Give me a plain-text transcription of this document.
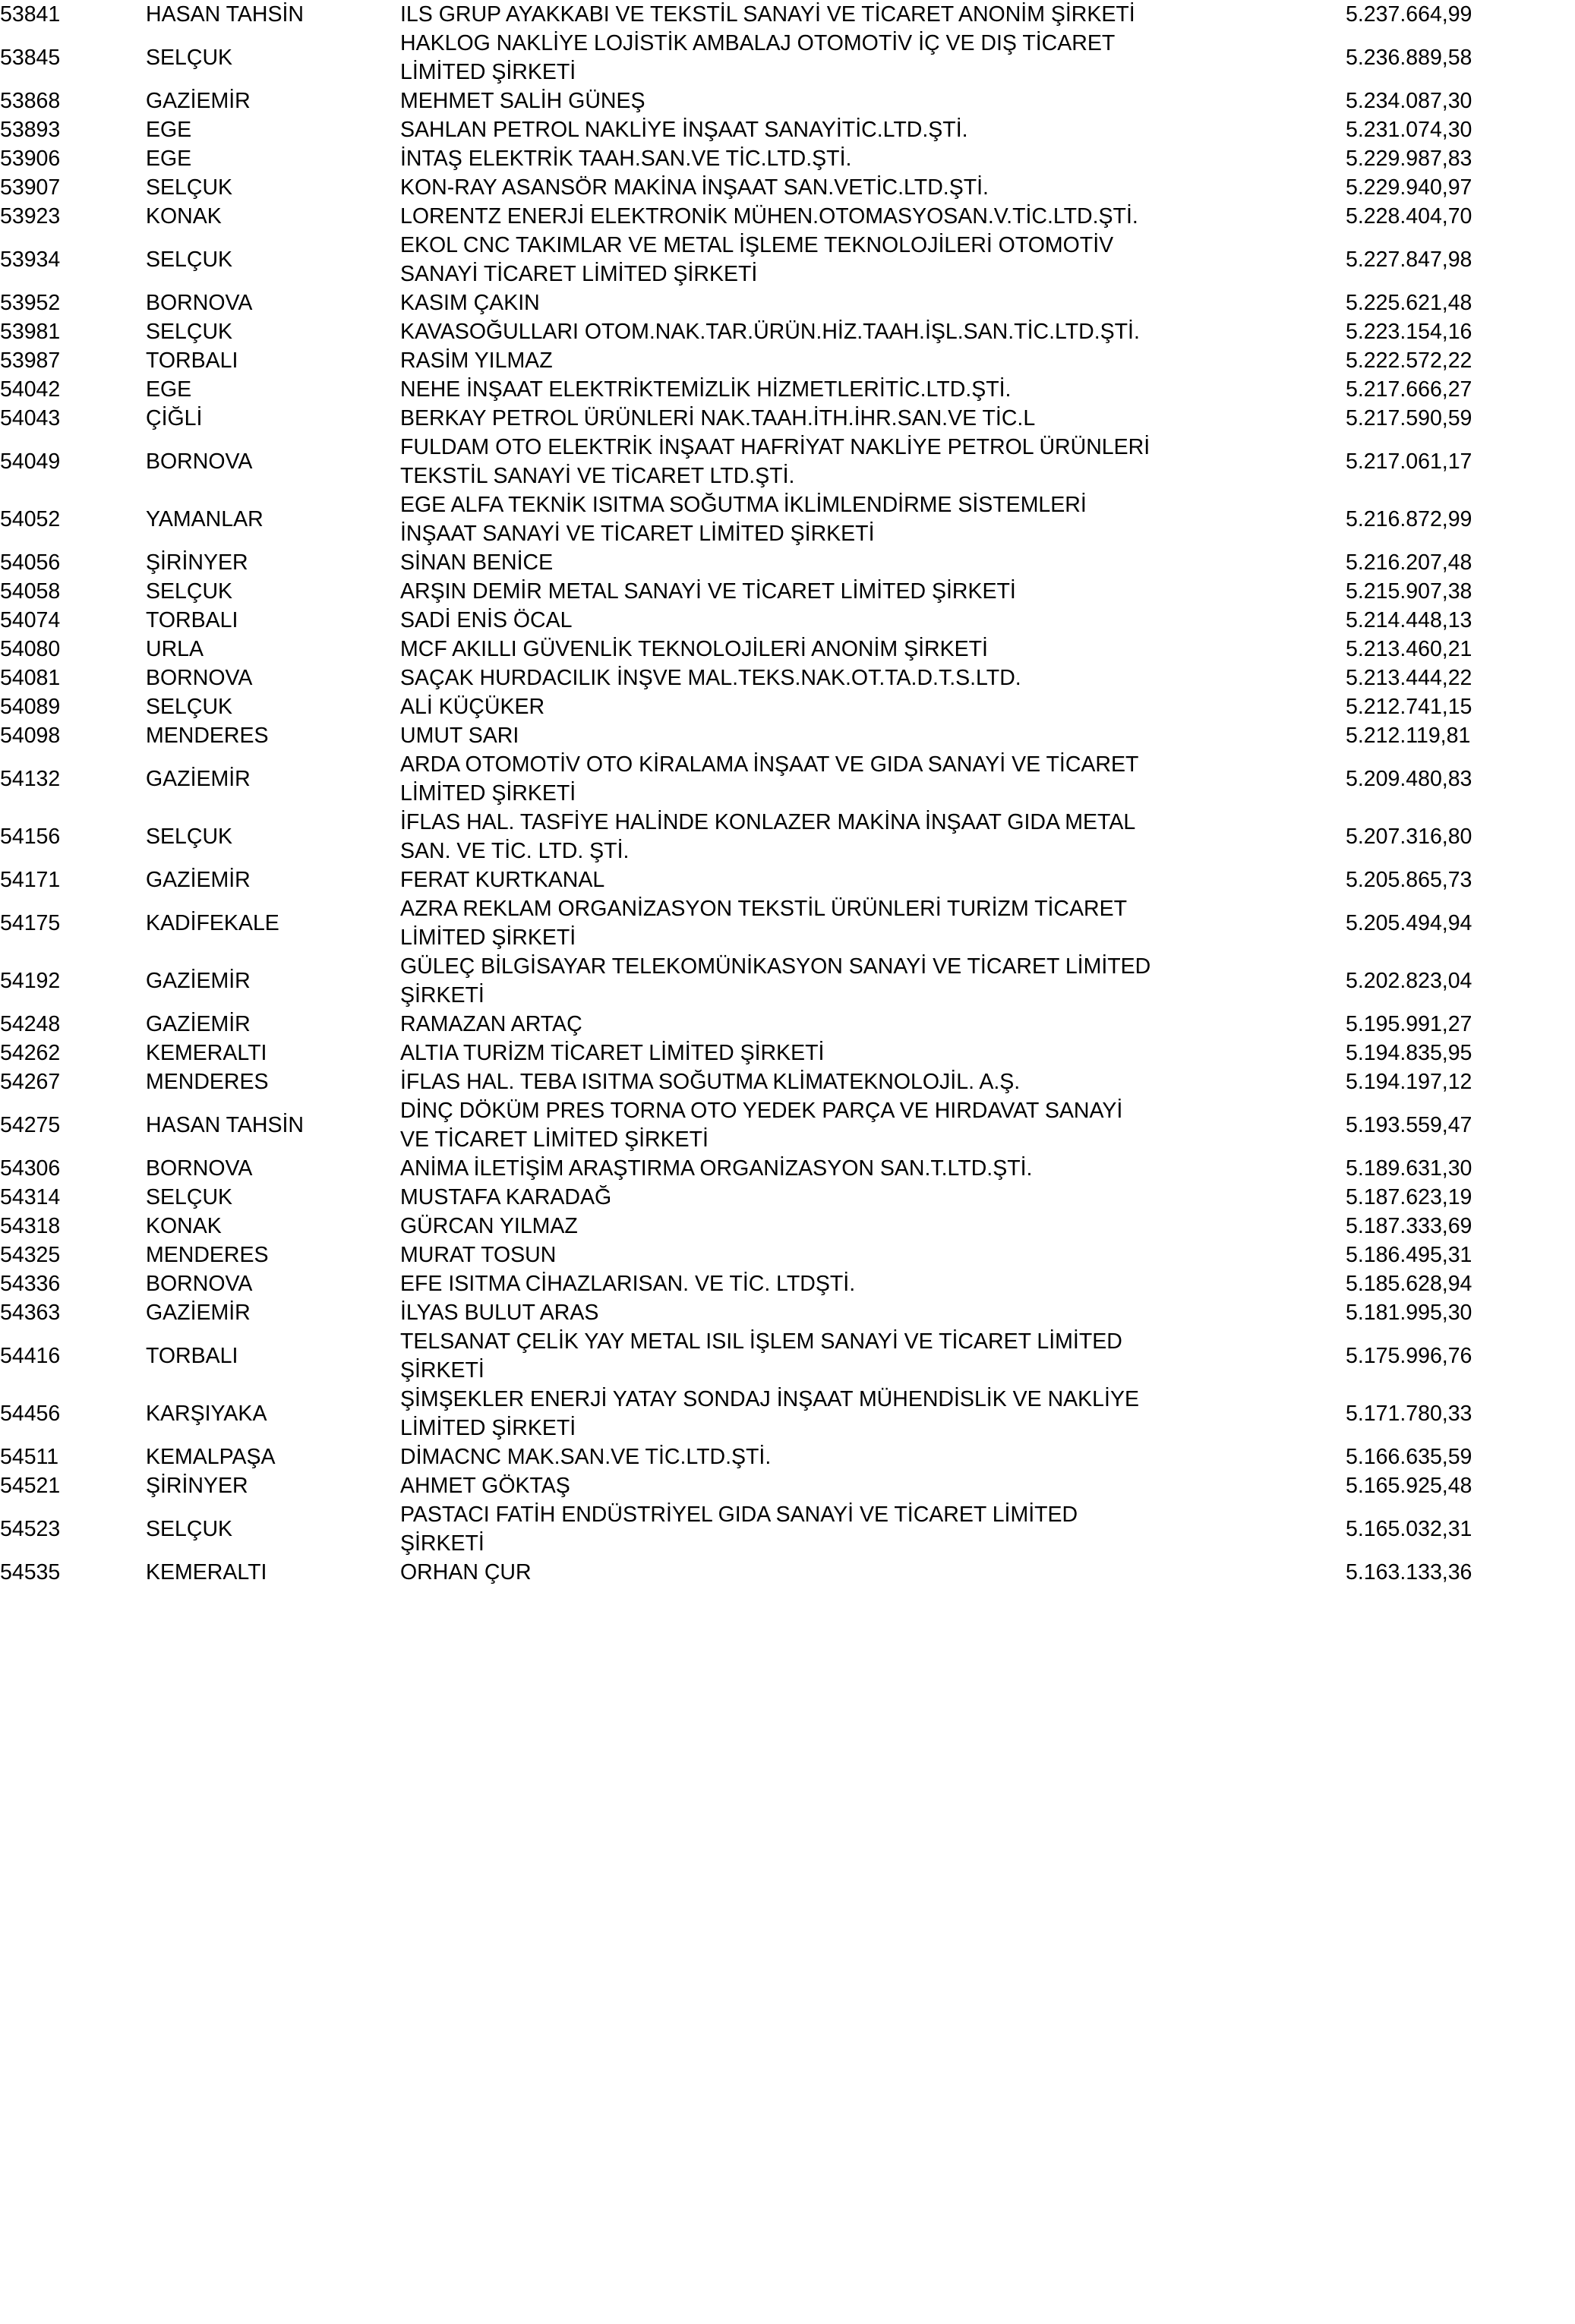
53841	HASAN TAHSİN	ILS GRUP AYAKKABI VE TEKSTİL SANAYİ VE TİCARET ANONİM ŞİRKETİ	5.237.664,99
53845	SELÇUK	HAKLOG NAKLİYE LOJİSTİK AMBALAJ OTOMOTİV İÇ VE DIŞ TİCARET
LİMİTED ŞİRKETİ	5.236.889,58
53868	GAZİEMİR	MEHMET SALİH GÜNEŞ	5.234.087,30
53893	EGE	SAHLAN PETROL NAKLİYE İNŞAAT SANAYİTİC.LTD.ŞTİ.	5.231.074,30
53906	EGE	İNTAŞ ELEKTRİK TAAH.SAN.VE TİC.LTD.ŞTİ.	5.229.987,83
53907	SELÇUK	KON-RAY ASANSÖR MAKİNA İNŞAAT SAN.VETİC.LTD.ŞTİ.	5.229.940,97
53923	KONAK	LORENTZ ENERJİ ELEKTRONİK MÜHEN.OTOMASYOSAN.V.TİC.LTD.ŞTİ.	5.228.404,70
53934	SELÇUK	EKOL CNC TAKIMLAR VE METAL İŞLEME TEKNOLOJİLERİ OTOMOTİV
SANAYİ TİCARET LİMİTED ŞİRKETİ	5.227.847,98
53952	BORNOVA	KASIM ÇAKIN	5.225.621,48
53981	SELÇUK	KAVASOĞULLARI OTOM.NAK.TAR.ÜRÜN.HİZ.TAAH.İŞL.SAN.TİC.LTD.ŞTİ.	5.223.154,16
53987	TORBALI	RASİM YILMAZ	5.222.572,22
54042	EGE	NEHE İNŞAAT ELEKTRİKTEMİZLİK HİZMETLERİTİC.LTD.ŞTİ.	5.217.666,27
54043	ÇİĞLİ	BERKAY PETROL ÜRÜNLERİ NAK.TAAH.İTH.İHR.SAN.VE TİC.L	5.217.590,59
54049	BORNOVA	FULDAM OTO ELEKTRİK İNŞAAT HAFRİYAT NAKLİYE PETROL ÜRÜNLERİ
TEKSTİL SANAYİ VE TİCARET LTD.ŞTİ.	5.217.061,17
54052	YAMANLAR	EGE ALFA TEKNİK ISITMA SOĞUTMA İKLİMLENDİRME SİSTEMLERİ
İNŞAAT SANAYİ VE TİCARET LİMİTED ŞİRKETİ	5.216.872,99
54056	ŞİRİNYER	SİNAN BENİCE	5.216.207,48
54058	SELÇUK	ARŞIN DEMİR METAL SANAYİ VE TİCARET LİMİTED ŞİRKETİ	5.215.907,38
54074	TORBALI	SADİ ENİS ÖCAL	5.214.448,13
54080	URLA	MCF AKILLI GÜVENLİK TEKNOLOJİLERİ ANONİM ŞİRKETİ	5.213.460,21
54081	BORNOVA	SAÇAK HURDACILIK İNŞVE MAL.TEKS.NAK.OT.TA.D.T.S.LTD.	5.213.444,22
54089	SELÇUK	ALİ KÜÇÜKER	5.212.741,15
54098	MENDERES	UMUT SARI	5.212.119,81
54132	GAZİEMİR	ARDA OTOMOTİV OTO KİRALAMA İNŞAAT VE GIDA SANAYİ VE TİCARET
LİMİTED ŞİRKETİ	5.209.480,83
54156	SELÇUK	İFLAS HAL. TASFİYE HALİNDE KONLAZER MAKİNA İNŞAAT GIDA METAL
SAN. VE TİC. LTD. ŞTİ.	5.207.316,80
54171	GAZİEMİR	FERAT KURTKANAL	5.205.865,73
54175	KADİFEKALE	AZRA REKLAM ORGANİZASYON TEKSTİL ÜRÜNLERİ TURİZM TİCARET
LİMİTED ŞİRKETİ	5.205.494,94
54192	GAZİEMİR	GÜLEÇ BİLGİSAYAR TELEKOMÜNİKASYON SANAYİ VE TİCARET LİMİTED
ŞİRKETİ	5.202.823,04
54248	GAZİEMİR	RAMAZAN ARTAÇ	5.195.991,27
54262	KEMERALTI	ALTIA TURİZM TİCARET LİMİTED ŞİRKETİ	5.194.835,95
54267	MENDERES	İFLAS HAL. TEBA ISITMA SOĞUTMA KLİMATEKNOLOJİL. A.Ş.	5.194.197,12
54275	HASAN TAHSİN	DİNÇ DÖKÜM PRES TORNA OTO YEDEK PARÇA VE HIRDAVAT SANAYİ
VE TİCARET LİMİTED ŞİRKETİ	5.193.559,47
54306	BORNOVA	ANİMA İLETİŞİM ARAŞTIRMA ORGANİZASYON SAN.T.LTD.ŞTİ.	5.189.631,30
54314	SELÇUK	MUSTAFA KARADAĞ	5.187.623,19
54318	KONAK	GÜRCAN YILMAZ	5.187.333,69
54325	MENDERES	MURAT TOSUN	5.186.495,31
54336	BORNOVA	EFE ISITMA CİHAZLARISAN. VE TİC. LTDŞTİ.	5.185.628,94
54363	GAZİEMİR	İLYAS BULUT ARAS	5.181.995,30
54416	TORBALI	TELSANAT ÇELİK YAY METAL ISIL İŞLEM SANAYİ VE TİCARET LİMİTED
ŞİRKETİ	5.175.996,76
54456	KARŞIYAKA	ŞİMŞEKLER ENERJİ YATAY SONDAJ İNŞAAT MÜHENDİSLİK VE NAKLİYE
LİMİTED ŞİRKETİ	5.171.780,33
54511	KEMALPAŞA	DİMACNC MAK.SAN.VE TİC.LTD.ŞTİ.	5.166.635,59
54521	ŞİRİNYER	AHMET GÖKTAŞ	5.165.925,48
54523	SELÇUK	PASTACI FATİH ENDÜSTRİYEL GIDA SANAYİ VE TİCARET LİMİTED
ŞİRKETİ	5.165.032,31
54535	KEMERALTI	ORHAN ÇUR	5.163.133,36
